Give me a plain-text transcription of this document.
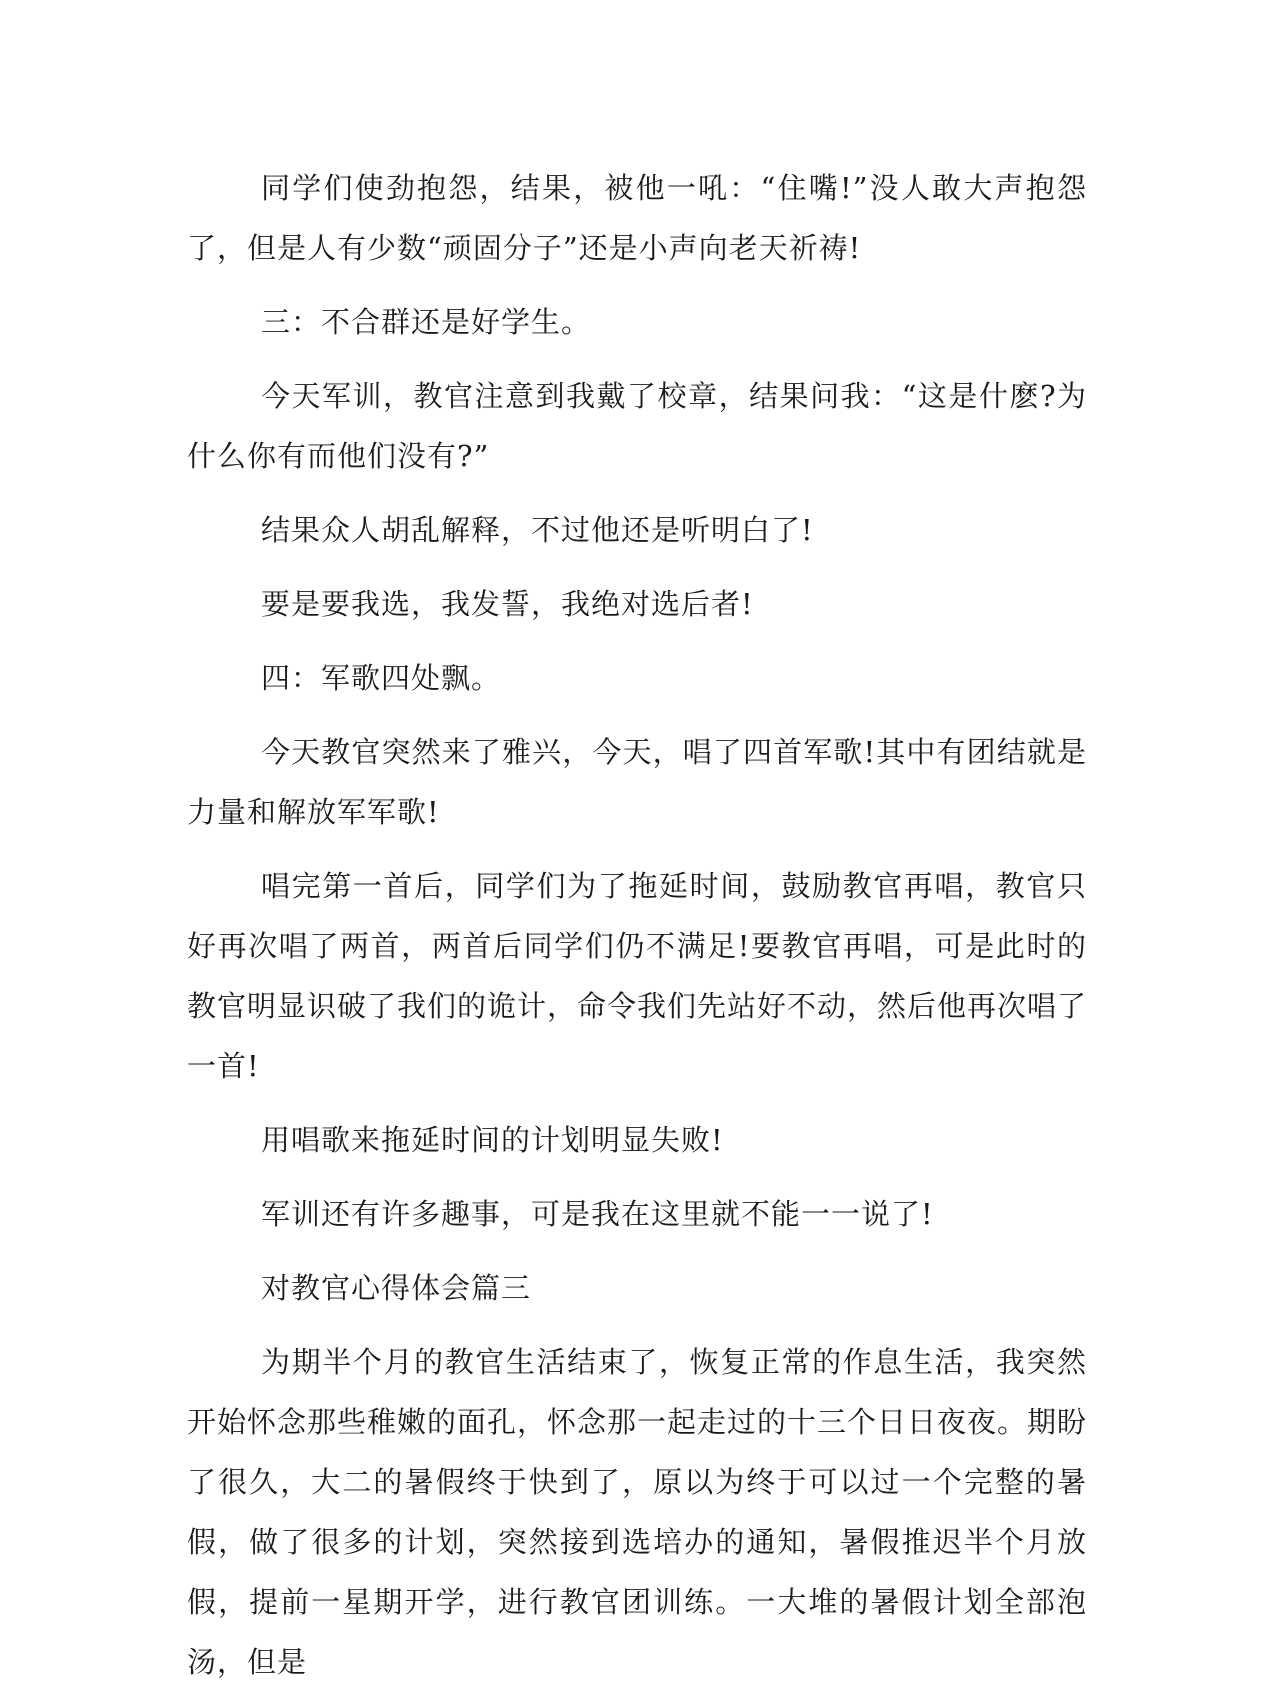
同学们使劲抱怨，结果，被他一吼：“住嘴!”没人敢大声抱怨了，但是人有少数“顽固分子”还是小声向老天祈祷!

三：不合群还是好学生。

今天军训，教官注意到我戴了校章，结果问我：“这是什麽?为什么你有而他们没有?”

结果众人胡乱解释，不过他还是听明白了!

要是要我选，我发誓，我绝对选后者!

四：军歌四处飘。

今天教官突然来了雅兴，今天，唱了四首军歌!其中有团结就是力量和解放军军歌!

唱完第一首后，同学们为了拖延时间，鼓励教官再唱，教官只好再次唱了两首，两首后同学们仍不满足!要教官再唱，可是此时的教官明显识破了我们的诡计，命令我们先站好不动，然后他再次唱了一首!

用唱歌来拖延时间的计划明显失败!

军训还有许多趣事，可是我在这里就不能一一说了!

对教官心得体会篇三

为期半个月的教官生活结束了，恢复正常的作息生活，我突然开始怀念那些稚嫩的面孔，怀念那一起走过的十三个日日夜夜。期盼了很久，大二的暑假终于快到了，原以为终于可以过一个完整的暑假，做了很多的计划，突然接到选培办的通知，暑假推迟半个月放假，提前一星期开学，进行教官团训练。一大堆的暑假计划全部泡汤，但是
